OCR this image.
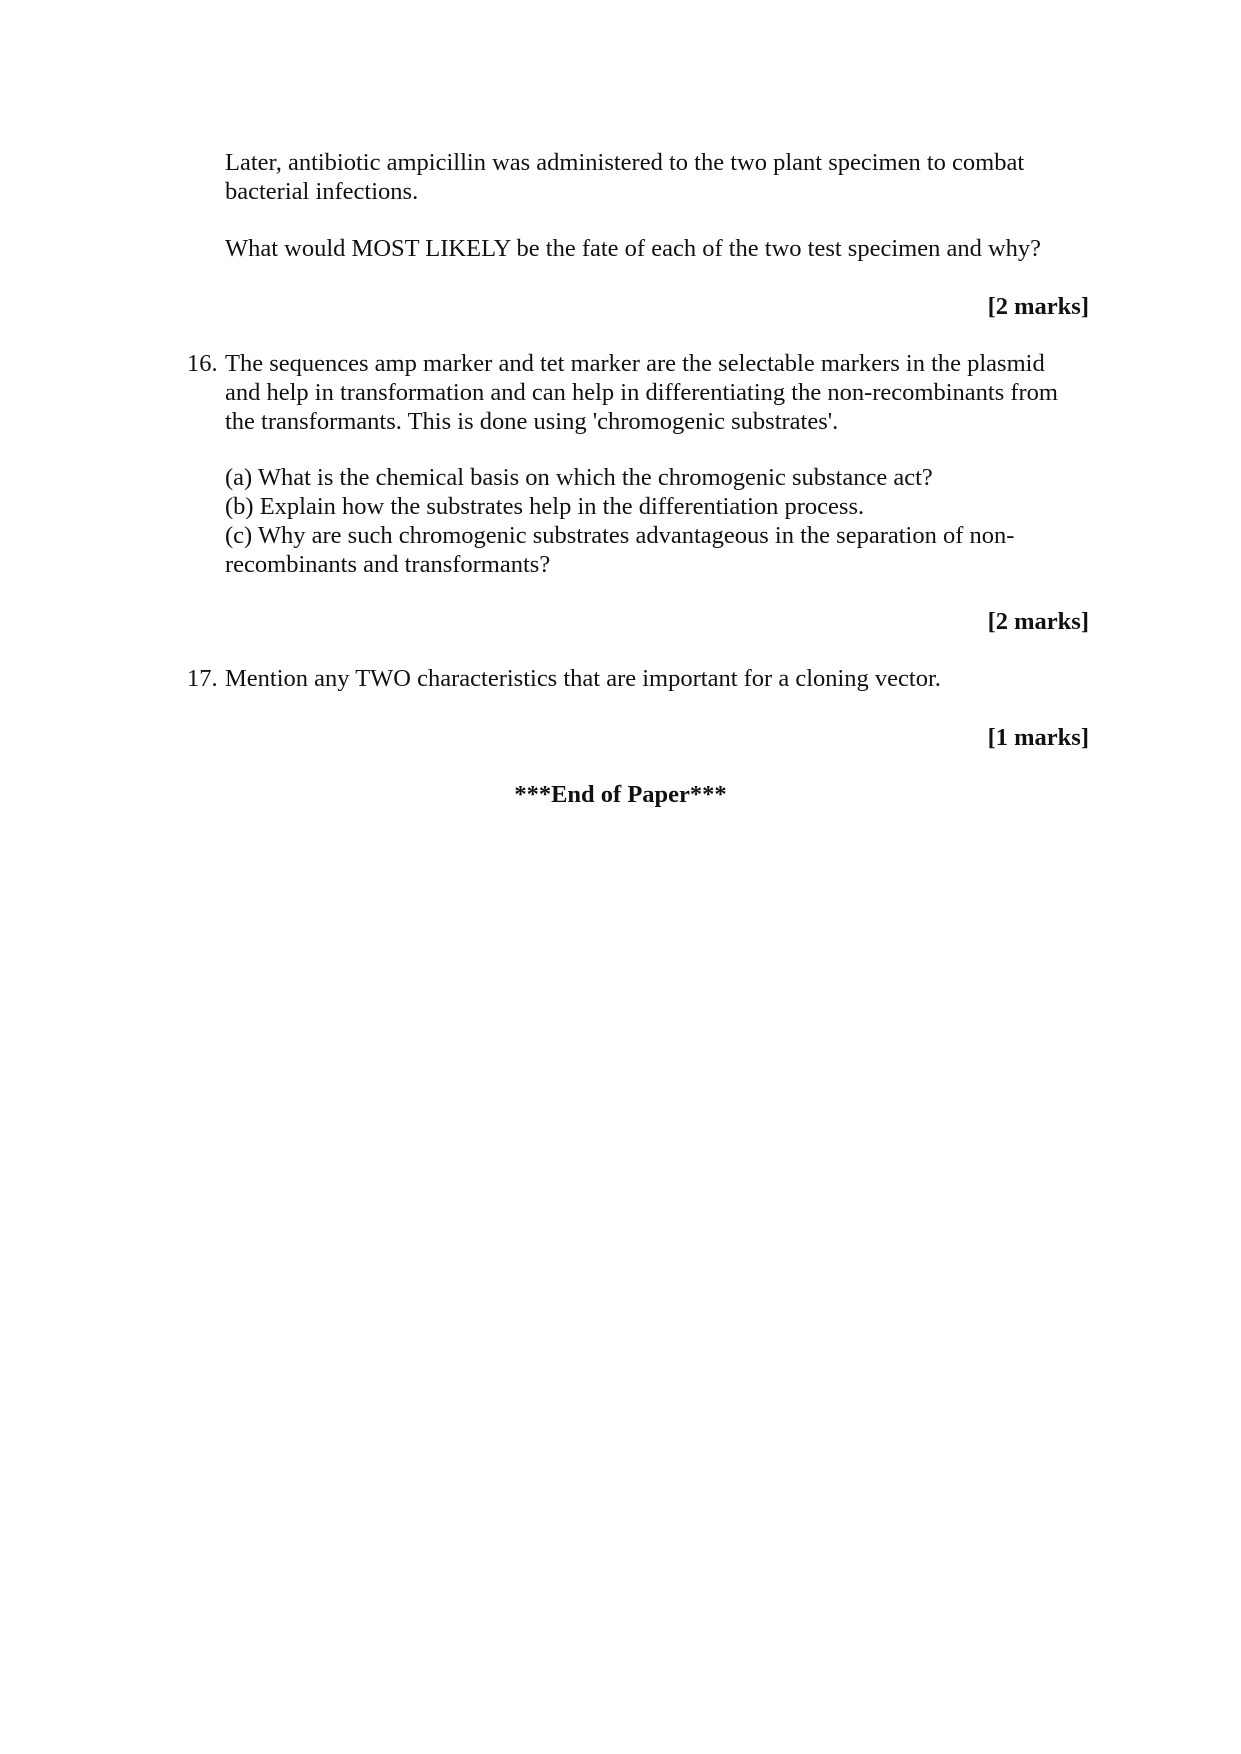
Later, antibiotic ampicillin was administered to the two plant specimen to combat
bacterial infections.

What would MOST LIKELY be the fate of each of the two test specimen and why?

[2 marks]

16. The sequences amp marker and tet marker are the selectable markers in the plasmid
and help in transformation and can help in differentiating the non-recombinants from
the transformants. This is done using 'chromogenic substrates'.
(a) What is the chemical basis on which the chromogenic substance act?
(b) Explain how the substrates help in the differentiation process.
(c) Why are such chromogenic substrates advantageous in the separation of non-
recombinants and transformants?

[2 marks]

17. Mention any TWO characteristics that are important for a cloning vector.

[1 marks]

***End of Paper***
